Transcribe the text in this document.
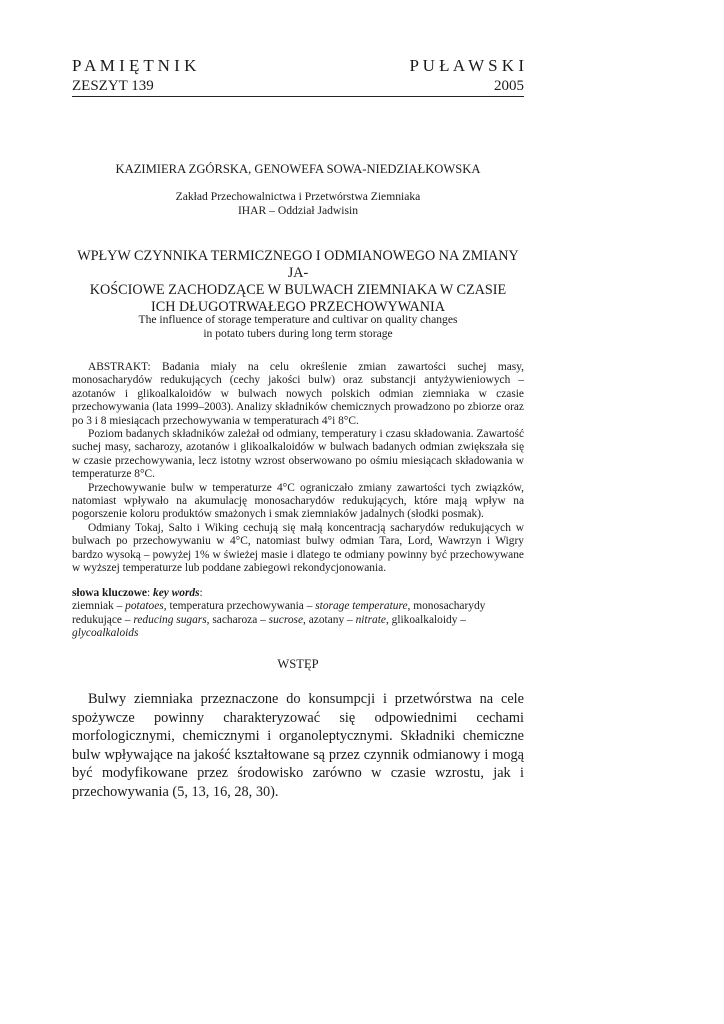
P A M I Ę T N I K	P U Ł A W S K I
ZESZYT 139	2005
KAZIMIERA ZGÓRSKA, GENOWEFA SOWA-NIEDZIAŁKOWSKA
Zakład Przechowalnictwa i Przetwórstwa Ziemniaka
IHAR – Oddział Jadwisin
WPŁYW CZYNNIKA TERMICZNEGO I ODMIANOWEGO NA ZMIANY JA-
KOŚCIOWE ZACHODZĄCE W BULWACH ZIEMNIAKA W CZASIE
ICH DŁUGOTRWAŁEGO PRZECHOWYWANIA
The influence of storage temperature and cultivar on quality changes
in potato tubers during long term storage

ABSTRAKT: Badania miały na celu określenie zmian zawartości suchej masy, monosacharydów redukujących (cechy jakości bulw) oraz substancji antyżywieniowych – azotanów i glikoalkaloidów w bulwach nowych polskich odmian ziemniaka w czasie przechowywania (lata 1999–2003). Analizy składników chemicznych prowadzono po zbiorze oraz po 3 i 8 miesiącach przechowywania w temperaturach 4°i 8°C.

Poziom badanych składników zależał od odmiany, temperatury i czasu składowania. Zawartość suchej masy, sacharozy, azotanów i glikoalkaloidów w bulwach badanych odmian zwiększała się w czasie przechowywania, lecz istotny wzrost obserwowano po ośmiu miesiącach składowania w temperaturze 8°C.

Przechowywanie bulw w temperaturze 4°C ograniczało zmiany zawartości tych związków, natomiast wpływało na akumulację monosacharydów redukujących, które mają wpływ na pogorszenie koloru produktów smażonych i smak ziemniaków jadalnych (słodki posmak).

Odmiany Tokaj, Salto i Wiking cechują się małą koncentracją sacharydów redukujących w bulwach po przechowywaniu w 4°C, natomiast bulwy odmian Tara, Lord, Wawrzyn i Wigry bardzo wysoką – powyżej 1% w świeżej masie i dlatego te odmiany powinny być przechowywane w wyższej temperaturze lub poddane zabiegowi rekondycjonowania.

słowa kluczowe: key words:

ziemniak – potatoes, temperatura przechowywania – storage temperature, monosacharydy redukujące – reducing sugars, sacharoza – sucrose, azotany – nitrate, glikoalkaloidy – glycoalkaloids

WSTĘP

Bulwy ziemniaka przeznaczone do konsumpcji i przetwórstwa na cele spożywcze powinny charakteryzować się odpowiednimi cechami morfologicznymi, chemicznymi i organoleptycznymi. Składniki chemiczne bulw wpływające na jakość kształtowane są przez czynnik odmianowy i mogą być modyfikowane przez środowisko zarówno w czasie wzrostu, jak i przechowywania (5, 13, 16, 28, 30).
